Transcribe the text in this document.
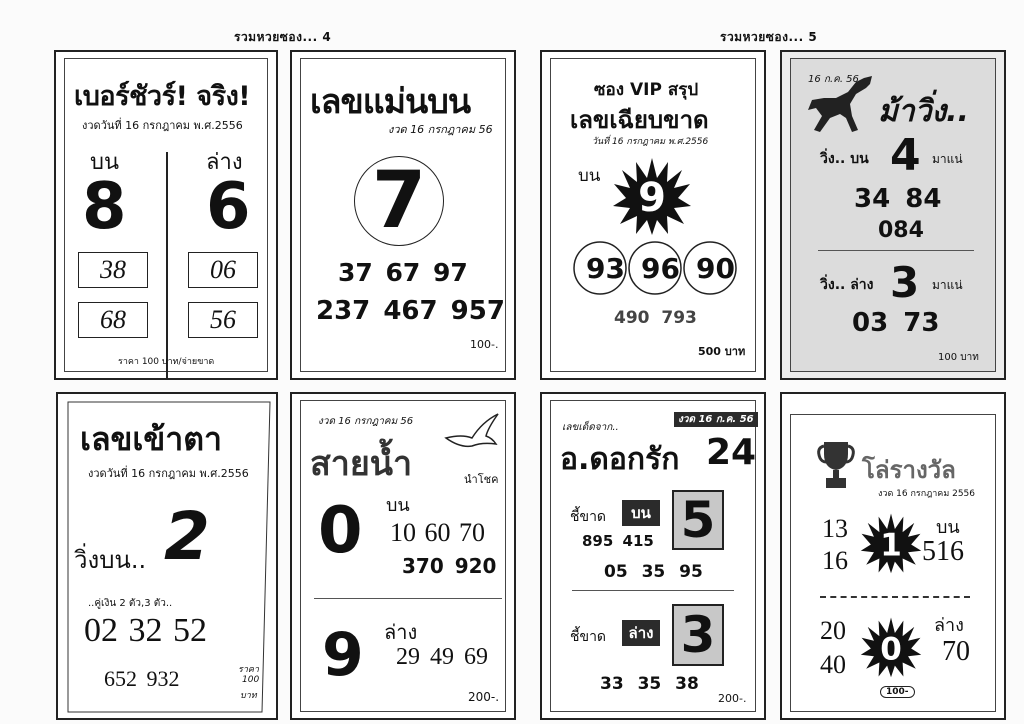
รวมหวยซอง... 4	รวมหวยซอง... 5
เบอร์ชัวร์! จริง!
งวดวันที่ 16 กรกฎาคม พ.ศ.2556
บน	ล่าง
8 6
38
68
06
56
ราคา 100 บาท/จ่ายขาด
เลขแม่นบน
งวด 16 กรกฎาคม 56
7
37 67 97
237 467 957
100-.
ซอง VIP สรุป
เลขเฉียบขาด
วันที่ 16 กรกฎาคม พ.ศ.2556
บน 9
93 96 90
490 793
500 บาท
16 ก.ค. 56
ม้าวิ่ง..
วิ่ง.. บน 4 มาแน่
34 84
084
วิ่ง.. ล่าง 3 มาแน่
03 73
100 บาท
เลขเข้าตา
งวดวันที่ 16 กรกฎาคม พ.ศ.2556
วิ่งบน.. 2
..คู่เงิน 2 ตัว,3 ตัว..
02 32 52
652 932	ราคา
100
บาท
งวด 16 กรกฎาคม 56
สายน้ำ	นำโชค
บน
0 10 60 70
370 920
ล่าง
9 29 49 69
200-.
เลขเด็ดจาก..
งวด 16 ก.ค. 56
อ.ดอกรัก 24
ชี้ขาด	บน 5
895 415
05 35 95
ชี้ขาด	ล่าง 3
33 35 38
200-.
โล่รางวัล
งวด 16 กรกฎาคม 2556
13
16 1 บน
516
20
40 0
ล่าง
70
100-
